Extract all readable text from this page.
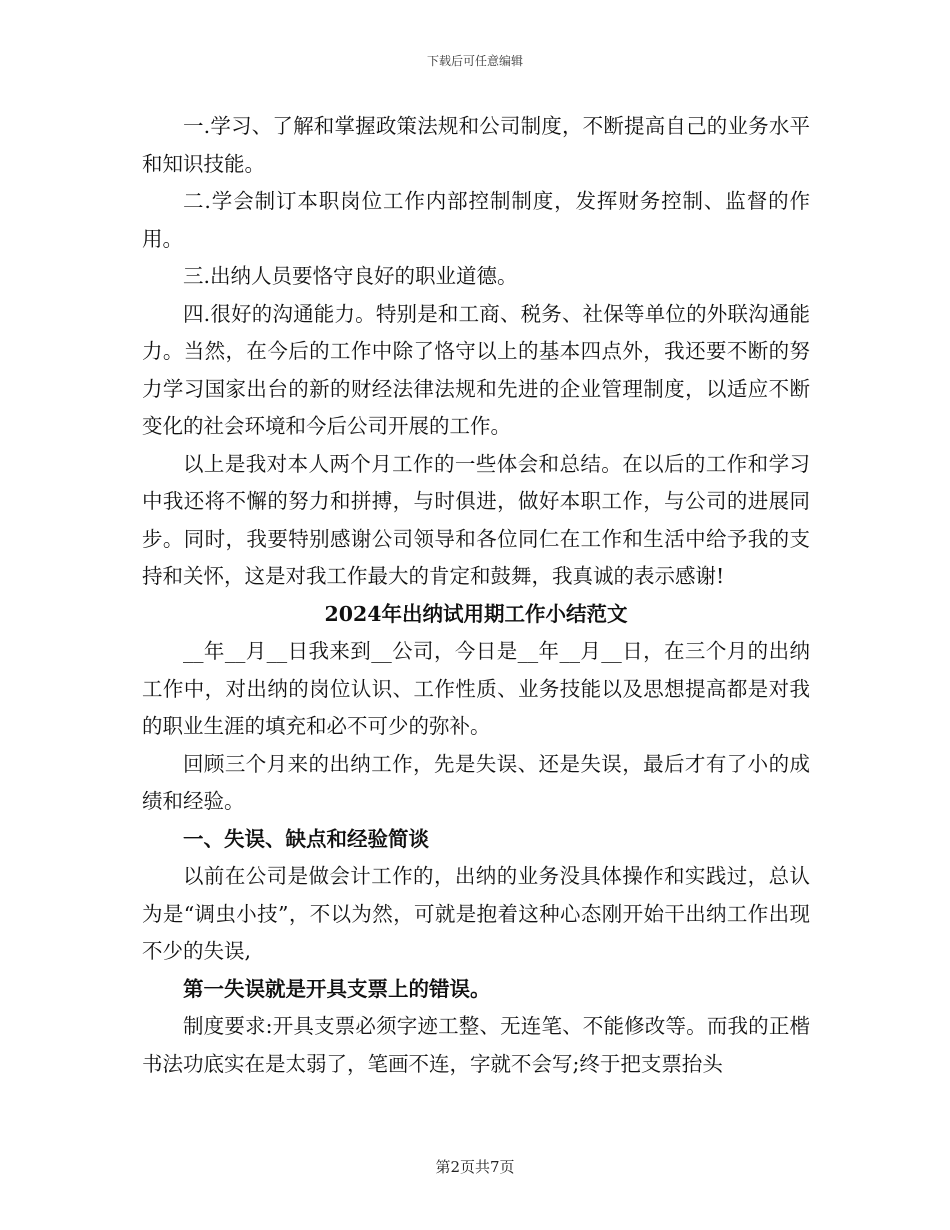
下载后可任意编辑

一.学习、了解和掌握政策法规和公司制度，不断提高自己的业务水平和知识技能。

二.学会制订本职岗位工作内部控制制度，发挥财务控制、监督的作用。

三.出纳人员要恪守良好的职业道德。

四.很好的沟通能力。特别是和工商、税务、社保等单位的外联沟通能力。当然，在今后的工作中除了恪守以上的基本四点外，我还要不断的努力学习国家出台的新的财经法律法规和先进的企业管理制度，以适应不断变化的社会环境和今后公司开展的工作。

以上是我对本人两个月工作的一些体会和总结。在以后的工作和学习中我还将不懈的努力和拼搏，与时俱进，做好本职工作，与公司的进展同步。同时，我要特别感谢公司领导和各位同仁在工作和生活中给予我的支持和关怀，这是对我工作最大的肯定和鼓舞，我真诚的表示感谢!

2024年出纳试用期工作小结范文

__年__月__日我来到__公司，今日是__年__月__日，在三个月的出纳工作中，对出纳的岗位认识、工作性质、业务技能以及思想提高都是对我的职业生涯的填充和必不可少的弥补。

回顾三个月来的出纳工作，先是失误、还是失误，最后才有了小的成绩和经验。

一、失误、缺点和经验简谈

以前在公司是做会计工作的，出纳的业务没具体操作和实践过，总认为是“调虫小技”，不以为然，可就是抱着这种心态刚开始干出纳工作出现不少的失误,

第一失误就是开具支票上的错误。

制度要求:开具支票必须字迹工整、无连笔、不能修改等。而我的正楷书法功底实在是太弱了，笔画不连，字就不会写;终于把支票抬头

第2页共7页
